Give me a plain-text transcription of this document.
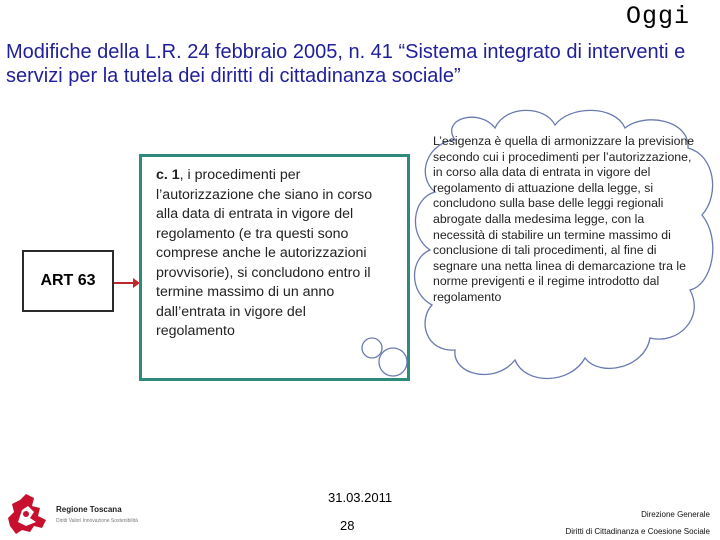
Oggi
Modifiche della L.R. 24 febbraio 2005, n. 41 “Sistema integrato di interventi e servizi per la tutela dei diritti di cittadinanza sociale”
ART 63
c. 1, i procedimenti per l’autorizzazione che siano in corso alla data di entrata in vigore del regolamento (e tra questi sono comprese anche le autorizzazioni provvisorie), si concludono entro il termine massimo di un anno dall’entrata in vigore del regolamento
L’esigenza è quella di armonizzare la previsione secondo cui i procedimenti per l’autorizzazione, in corso alla data di entrata in vigore del regolamento di attuazione della legge, si concludono sulla base delle leggi regionali abrogate dalla medesima legge, con la necessità di stabilire un termine massimo di conclusione di tali procedimenti, al fine di segnare una netta linea di demarcazione tra le norme previgenti e il regime introdotto dal regolamento
31.03.2011
28
Regione Toscana
Diritti Valori Innovazione Sostenibilità
Direzione Generale
Diritti di Cittadinanza e Coesione Sociale
